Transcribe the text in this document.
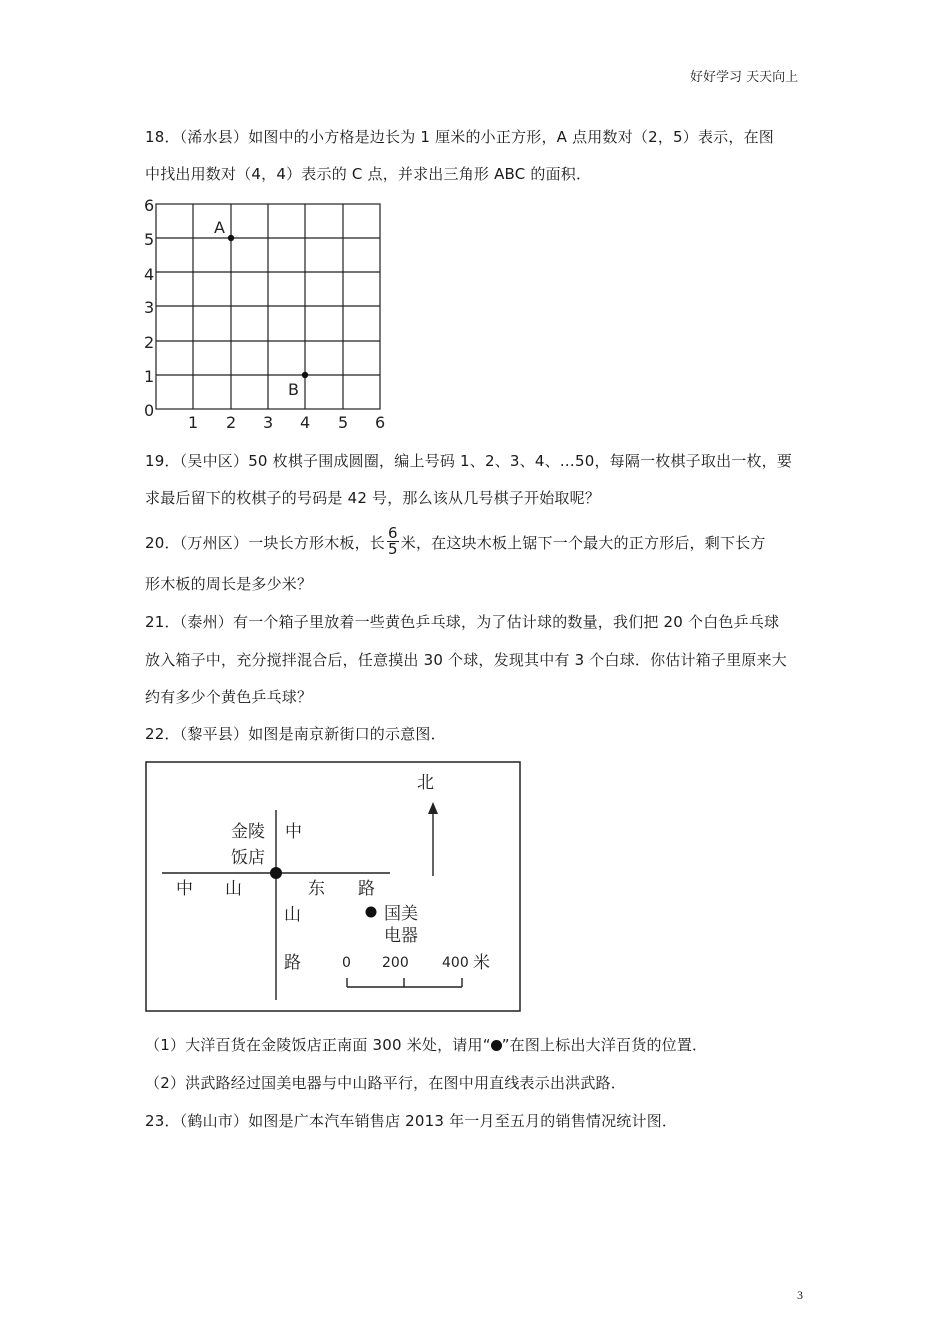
好好学习 天天向上
18．（浠水县）如图中的小方格是边长为 1 厘米的小正方形，A 点用数对（2，5）表示，在图
中找出用数对（4，4）表示的 C 点，并求出三角形 ABC 的面积．
6
5
4
3
2
1
0
1 2 3 4 5 6
A
B
19．（吴中区）50 枚棋子围成圆圈，编上号码 1、2、3、4、…50，每隔一枚棋子取出一枚，要
求最后留下的枚棋子的号码是 42 号，那么该从几号棋子开始取呢？
20．（万州区）一块长方形木板，长 $\frac{6}{5}$ 米，在这块木板上锯下一个最大的正方形后，剩下长方
形木板的周长是多少米？
21．（泰州）有一个箱子里放着一些黄色乒乓球，为了估计球的数量，我们把 20 个白色乒乓球
放入箱子中，充分搅拌混合后，任意摸出 30 个球，发现其中有 3 个白球．你估计箱子里原来大
约有多少个黄色乒乓球？
22．（黎平县）如图是南京新街口的示意图．
北
金陵
饭店
中
中 山	东 路
山
路
国美
电器
0 200 400 米
（1）大洋百货在金陵饭店正南面 300 米处，请用“ ”在图上标出大洋百货的位置．
（2）洪武路经过国美电器与中山路平行，在图中用直线表示出洪武路．
23．（鹤山市）如图是广本汽车销售店 2013 年一月至五月的销售情况统计图．
3
